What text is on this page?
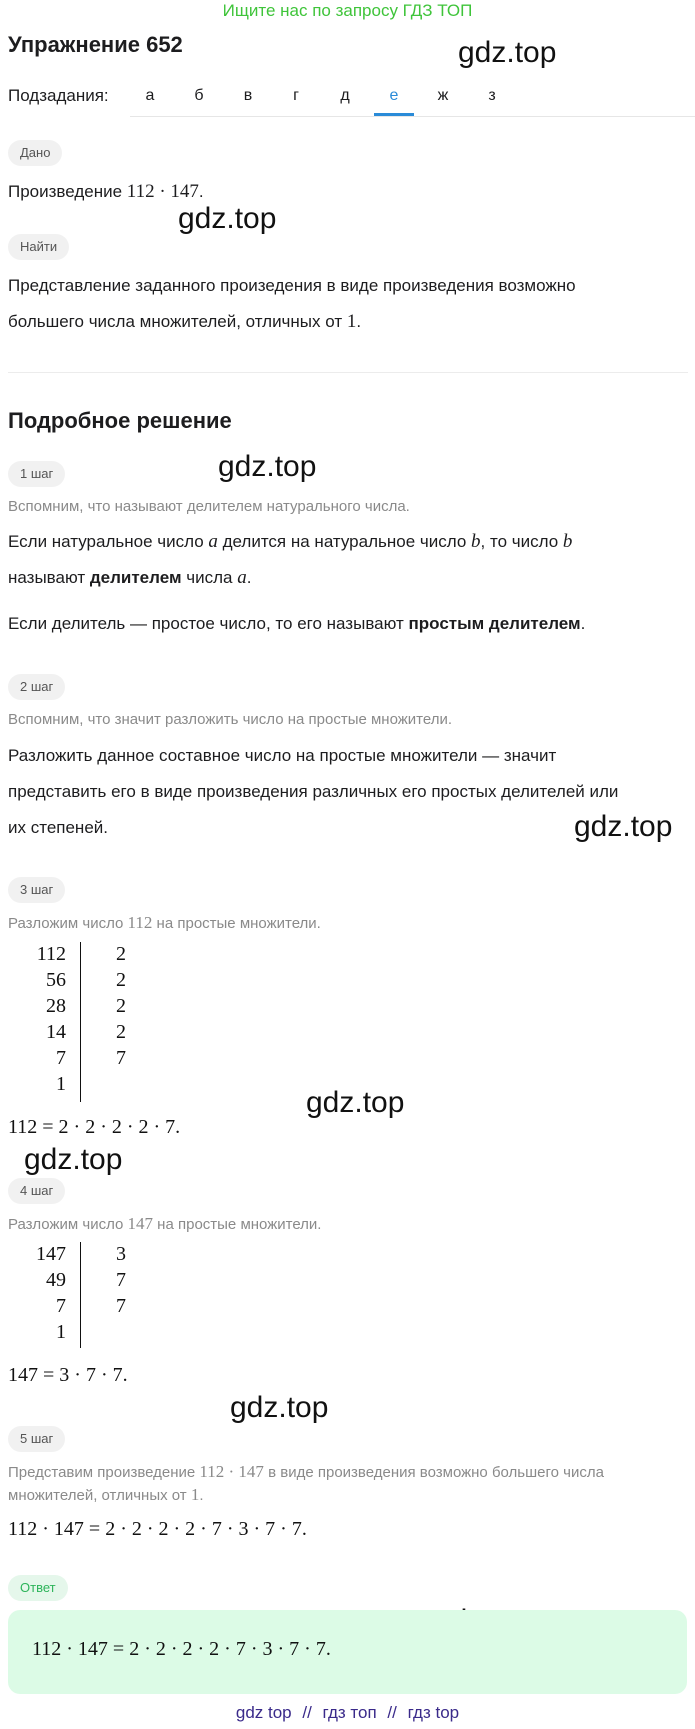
Ищите нас по запросу ГДЗ ТОП
Упражнение 652	gdz.top
gdz.top
gdz.top
gdz.top
gdz.top
gdz.top
gdz.top
Подзадания:	а	б	в	г	д	е	ж	з
Дано
Произведение 112 · 147.
Найти
Представление заданного произедения в виде произведения возможно
большего числа множителей, отличных от 1.
Подробное решение
1 шаг
Вспомним, что называют делителем натурального числа.
Если натуральное число a делится на натуральное число b, то число b
называют делителем числа a.
Если делитель — простое число, то его называют простым делителем.
2 шаг
Вспомним, что значит разложить число на простые множители.
Разложить данное составное число на простые множители — значит
представить его в виде произведения различных его простых делителей или
их степеней.
3 шаг
Разложим число 112 на простые множители.
112	2
56	2
28	2
14	2
7	7
1
112 = 2 · 2 · 2 · 2 · 7.
4 шаг
Разложим число 147 на простые множители.
147	3
49	7
7	7
1
147 = 3 · 7 · 7.
5 шаг
Представим произведение 112 · 147 в виде произведения возможно большего числа
множителей, отличных от 1.
112 · 147 = 2 · 2 · 2 · 2 · 7 · 3 · 7 · 7.
Ответ
112 · 147 = 2 · 2 · 2 · 2 · 7 · 3 · 7 · 7.
gdz top // гдз топ // гдз top
